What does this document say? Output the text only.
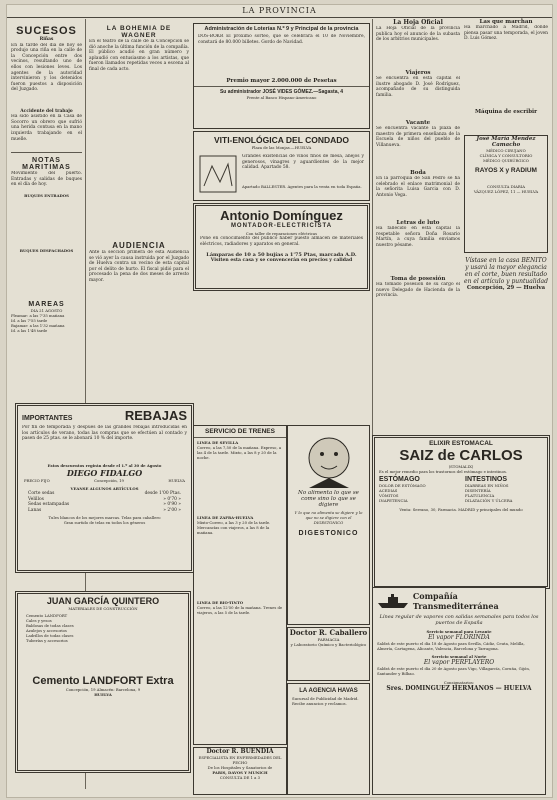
LA PROVINCIA
SUCESOS
Riñas
En la tarde del dia de hoy se produjo una riña en la calle de la Concepción entre dos vecinos, resultando uno de ellos con lesiones leves. Los agentes de la autoridad intervinieron y los detenidos fueron puestos a disposición del Juzgado.
Accidente del trabajo
Ha sido asistido en la Casa de Socorro un obrero que sufrió una herida contusa en la mano izquierda trabajando en el muelle.
NOTAS MARITIMAS
Movimiento del puerto. Entradas y salidas de buques en el día de hoy.
BUQUES ENTRADOS
BUQUES DESPACHADOS
MAREAS
DIA 21 AGOSTO
Pleamar: a las 7'35 mañana
Id. a las 7'55 tarde
Bajamar: a las 1'32 mañana
Id. a las 1'48 tarde
LA BOHEMIA DE WAGNER
En el teatro de la calle de la Concepción se dió anoche la última función de la compañía. El público acudió en gran número y aplaudió con entusiasmo a los artistas, que fueron llamados repetidas veces a escena al final de cada acto.
AUDIENCIA
Ante la sección primera de esta Audiencia se vió ayer la causa instruida por el Juzgado de Huelva contra un vecino de esta capital por el delito de hurto. El fiscal pidió para el procesado la pena de dos meses de arresto mayor.
Administración de Loterías N.º 9 y Principal de la provincia
DOS-BOKR El próximo sorteo, que se celebrará el 10 de Noviembre, constará de 80.000 billetes. Gordo de Navidad.
Premio mayor 2.000.000 de Pesetas
Su administrador JOSÉ VIDES GÓMEZ.—Sagasta, 4
Frente al Banco Hispano-Americano
VITI-ENOLÓGICA DEL CONDADO
Plaza de las Monjas.—HUELVA
Grandes existencias de vinos finos de mesa, añejos y generosos, vinagres y aguardientes de la mejor calidad. Apartado 58.
Apartado BALLESTER. Agentes para la venta en toda España.
Antonio Domínguez
MONTADOR-ELECTRICISTA
Con taller de reparaciones eléctricas
Pone en conocimiento del público haber puesto almacén de materiales eléctricos, radiadores y aparatos en general.
Lámparas de 10 a 50 bujías a 1'75 Ptas, marcada A.D.
Visiten esta casa y se convencerán en precios y calidad
IMPORTANTES	REBAJAS
Por fin de temporada y después de las grandes rebajas introducidas en los artículos de verano, todas las compras que se efectúen al contado y pasen de 25 ptas. se le abonará 10 % del importe.
Estos descuentos regirán desde el 1.º al 30 de Agosto
DIEGO FIDALGO
PRECIO FIJO	Concepción, 19	HUELVA
VEANSE ALGUNOS ARTÍCULOS
Corte sedas	desde 1'00 Ptas.
Velillos	» 0'70 »
Sedas estampadas	» 0'90 »
Lanas	» 2'00 »
Tules blancos de los mejores marcas. Telas para caballero
Gran surtido de telas en todos los géneros
SERVICIO DE TRENES
LINEA DE SEVILLA
Correo, a las 7,50 de la mañana. Expreso, a las 4 de la tarde. Mixto, a las 8 y 20 de la noche.
LINEA DE ZAFRA-HUELVA
Mixto-Correo, a las 3 y 20 de la tarde. Mercancías con viajeros, a las 8 de la mañana.
LINEA DE RIO-TINTO
Correo, a las 12'50 de la mañana. Trenes de viajeros, a las 5 de la tarde.
No alimenta lo que se come sino lo que se digiere
Y lo que no alimenta se digiere y lo que no se digiere con el DIGESTONICO
DIGESTONICO
Doctor R. Caballero
FARMACIA
y Laboratorio Químico y Bacteriológico
JUAN GARCÍA QUINTERO
MATERIALES DE CONSTRUCCIÓN
Cemento LANDFORT
Cales y yesos
Baldosas de todas clases
Azulejos y accesorios
Ladrillos de todas clases
Tuberías y accesorios
Cemento LANDFORT Extra
Concepción, 19 Almacén: Barcelona, 9
HUELVA
Doctor R. BUENDIA
ESPECIALISTA EN ENFERMEDADES DEL PECHO
De los Hospitales y Sanatorios de
PARIS, DAVOS Y MUNICH
CONSULTA DE 1 a 3
LA AGENCIA HAVAS
Sucursal de Publicidad de Madrid. Recibe anuncios y reclamos.
La Hoja Oficial
La Hoja Oficial de la provincia publica hoy el anuncio de la subasta de los arbitrios municipales.
Viajeros
Se encuentra en esta capital el ilustre abogado D. José Rodríguez, acompañado de su distinguida familia.
Vacante
Se encuentra vacante la plaza de maestro de primera enseñanza de la Escuela de niños del pueblo de Villanueva.
Boda
En la parroquia de San Pedro se ha celebrado el enlace matrimonial de la señorita Luisa Garcia con D. Antonio Vega.
Letras de luto
Ha fallecido en esta capital la respetable señora Doña Rosario Martín, a cuya familia enviamos nuestro pésame.
Toma de posesión
Ha tomado posesión de su cargo el nuevo Delegado de Hacienda de la provincia.
Las que marchan
Ha marchado a Madrid, donde piensa pasar una temporada, el joven D. Luis Gómez.
Máquina de escribir
José María Mendez Camacho
MÉDICO CIRUJANO
CLÍNICA Y CONSULTORIO
MÉDICO QUIRÚRGICO
RAYOS X y RADIUM
CONSULTA DIARIA
VÁZQUEZ LÓPEZ, 11 — HUELVA
Vístase en la casa BENITO y usará la mayor elegancia en el corte, buen resultado en el artículo y puntualidad
Concepción, 29 — Huelva
ELIXIR ESTOMACAL
SAIZ de CARLOS
(STOMALIX)
Es el mejor remedio para los trastornos del estómago e intestinos.
ESTÓMAGO
DOLOR DE ESTÓMAGO
ACEDIAS
VÓMITOS
INAPETENCIA
INTESTINOS
DIARREAS EN NIÑOS
DISENTERÍA
FLATULENCIA
DILATACIÓN Y ÚLCERA
Venta: Serrano, 30, Farmacia. MADRID y principales del mundo
Compañía Transmediterránea
Línea regular de vapores con salidas semanales para todos los puertos de España
Servicio semanal para Levante
El vapor FLORINDA
Saldrá de este puerto el día 18 de Agosto para Sevilla, Cádiz, Ceuta, Melilla, Almería, Cartagena, Alicante, Valencia, Barcelona y Tarragona.
Servicio semanal al Norte
El vapor PERFLAYERO
Saldrá de este puerto el día 20 de Agosto para Vigo, Villagarcía, Coruña, Gijón, Santander y Bilbao.
Consignatarios:
Sres. DOMINGUEZ HERMANOS — HUELVA
